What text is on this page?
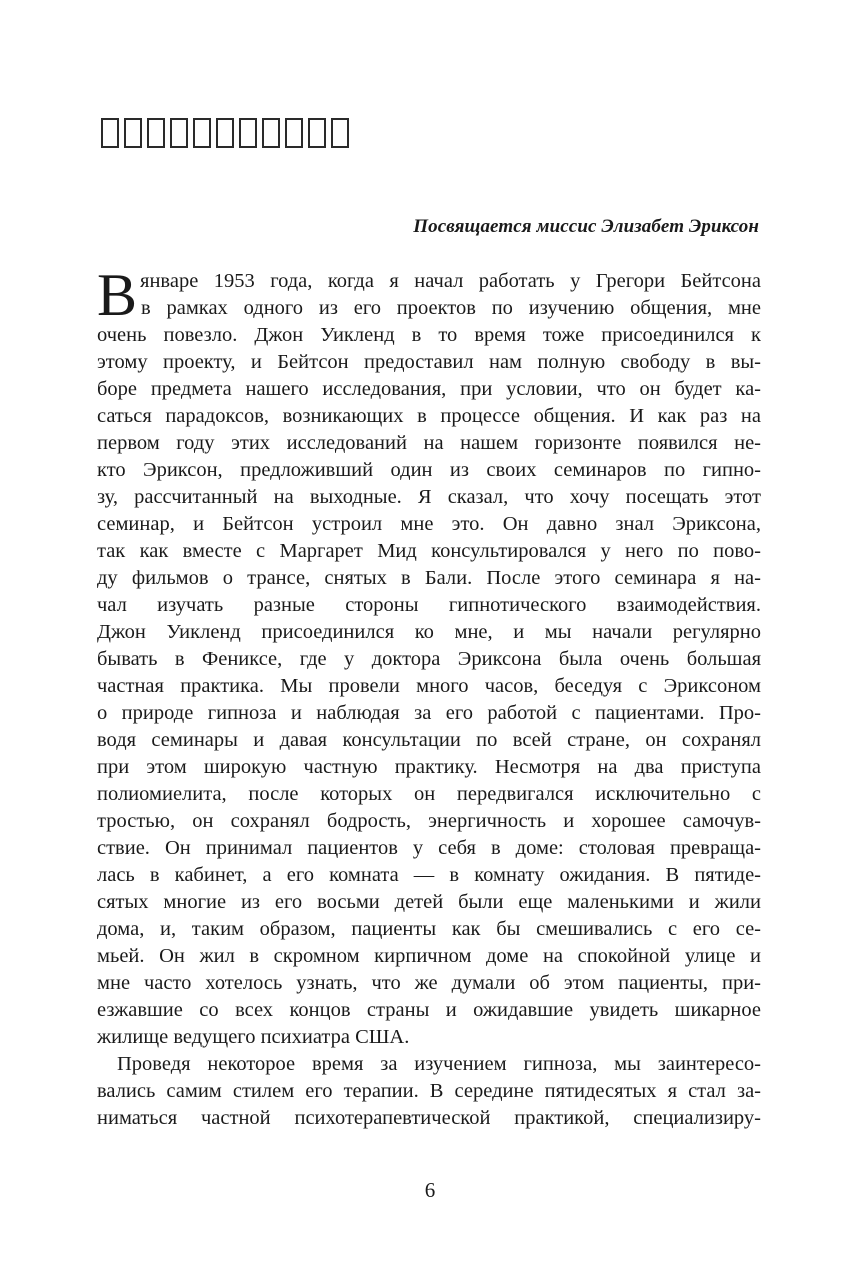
Посвящается миссис Элизабет Эриксон
В январе 1953 года, когда я начал работать у Грегори Бейтсона
в рамках одного из его проектов по изучению общения, мне
очень повезло. Джон Уикленд в то время тоже присоединился к
этому проекту, и Бейтсон предоставил нам полную свободу в вы-
боре предмета нашего исследования, при условии, что он будет ка-
саться парадоксов, возникающих в процессе общения. И как раз на
первом году этих исследований на нашем горизонте появился не-
кто Эриксон, предложивший один из своих семинаров по гипно-
зу, рассчитанный на выходные. Я сказал, что хочу посещать этот
семинар, и Бейтсон устроил мне это. Он давно знал Эриксона,
так как вместе с Маргарет Мид консультировался у него по пово-
ду фильмов о трансе, снятых в Бали. После этого семинара я на-
чал изучать разные стороны гипнотического взаимодействия.
Джон Уикленд присоединился ко мне, и мы начали регулярно
бывать в Фениксе, где у доктора Эриксона была очень большая
частная практика. Мы провели много часов, беседуя с Эриксоном
о природе гипноза и наблюдая за его работой с пациентами. Про-
водя семинары и давая консультации по всей стране, он сохранял
при этом широкую частную практику. Несмотря на два приступа
полиомиелита, после которых он передвигался исключительно с
тростью, он сохранял бодрость, энергичность и хорошее самочув-
ствие. Он принимал пациентов у себя в доме: столовая превраща-
лась в кабинет, а его комната — в комнату ожидания. В пятиде-
сятых многие из его восьми детей были еще маленькими и жили
дома, и, таким образом, пациенты как бы смешивались с его се-
мьей. Он жил в скромном кирпичном доме на спокойной улице и
мне часто хотелось узнать, что же думали об этом пациенты, при-
езжавшие со всех концов страны и ожидавшие увидеть шикарное
жилище ведущего психиатра США.
Проведя некоторое время за изучением гипноза, мы заинтересо-
вались самим стилем его терапии. В середине пятидесятых я стал за-
ниматься частной психотерапевтической практикой, специализиру-
6
